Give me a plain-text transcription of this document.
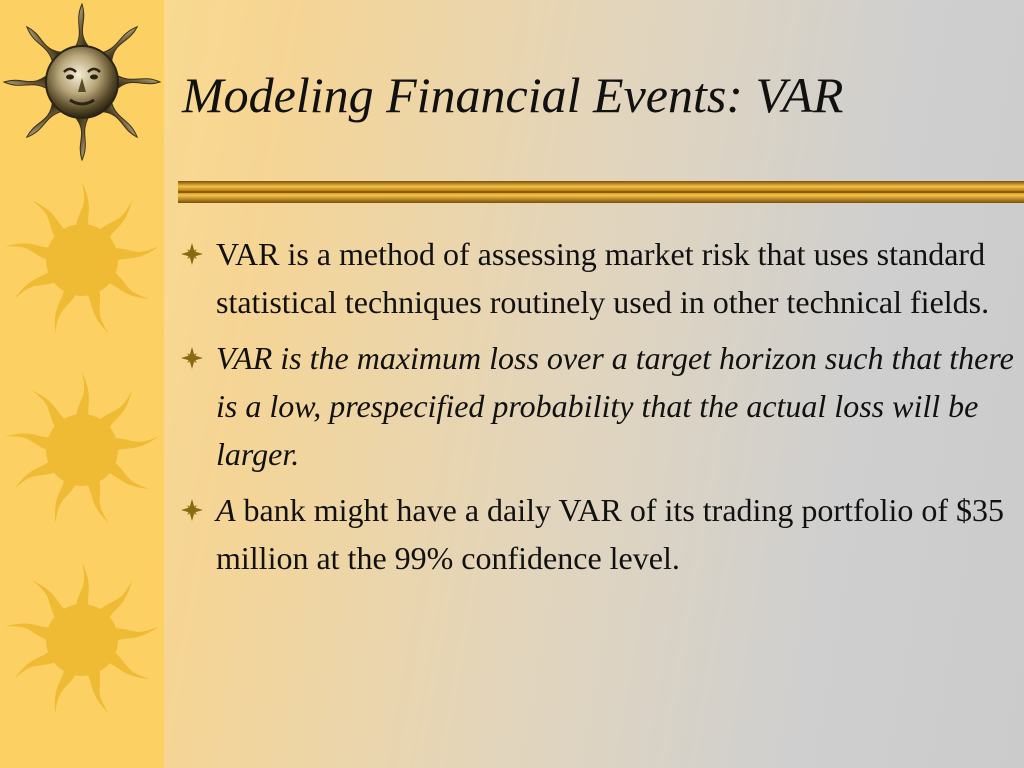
Modeling Financial Events: VAR
VAR is a method of assessing market risk that uses standard statistical techniques routinely used in other technical fields.
VAR is the maximum loss over a target horizon such that there is a low, prespecified probability that the actual loss will be larger.
A bank might have a daily VAR of its trading portfolio of $35 million at the 99% confidence level.
